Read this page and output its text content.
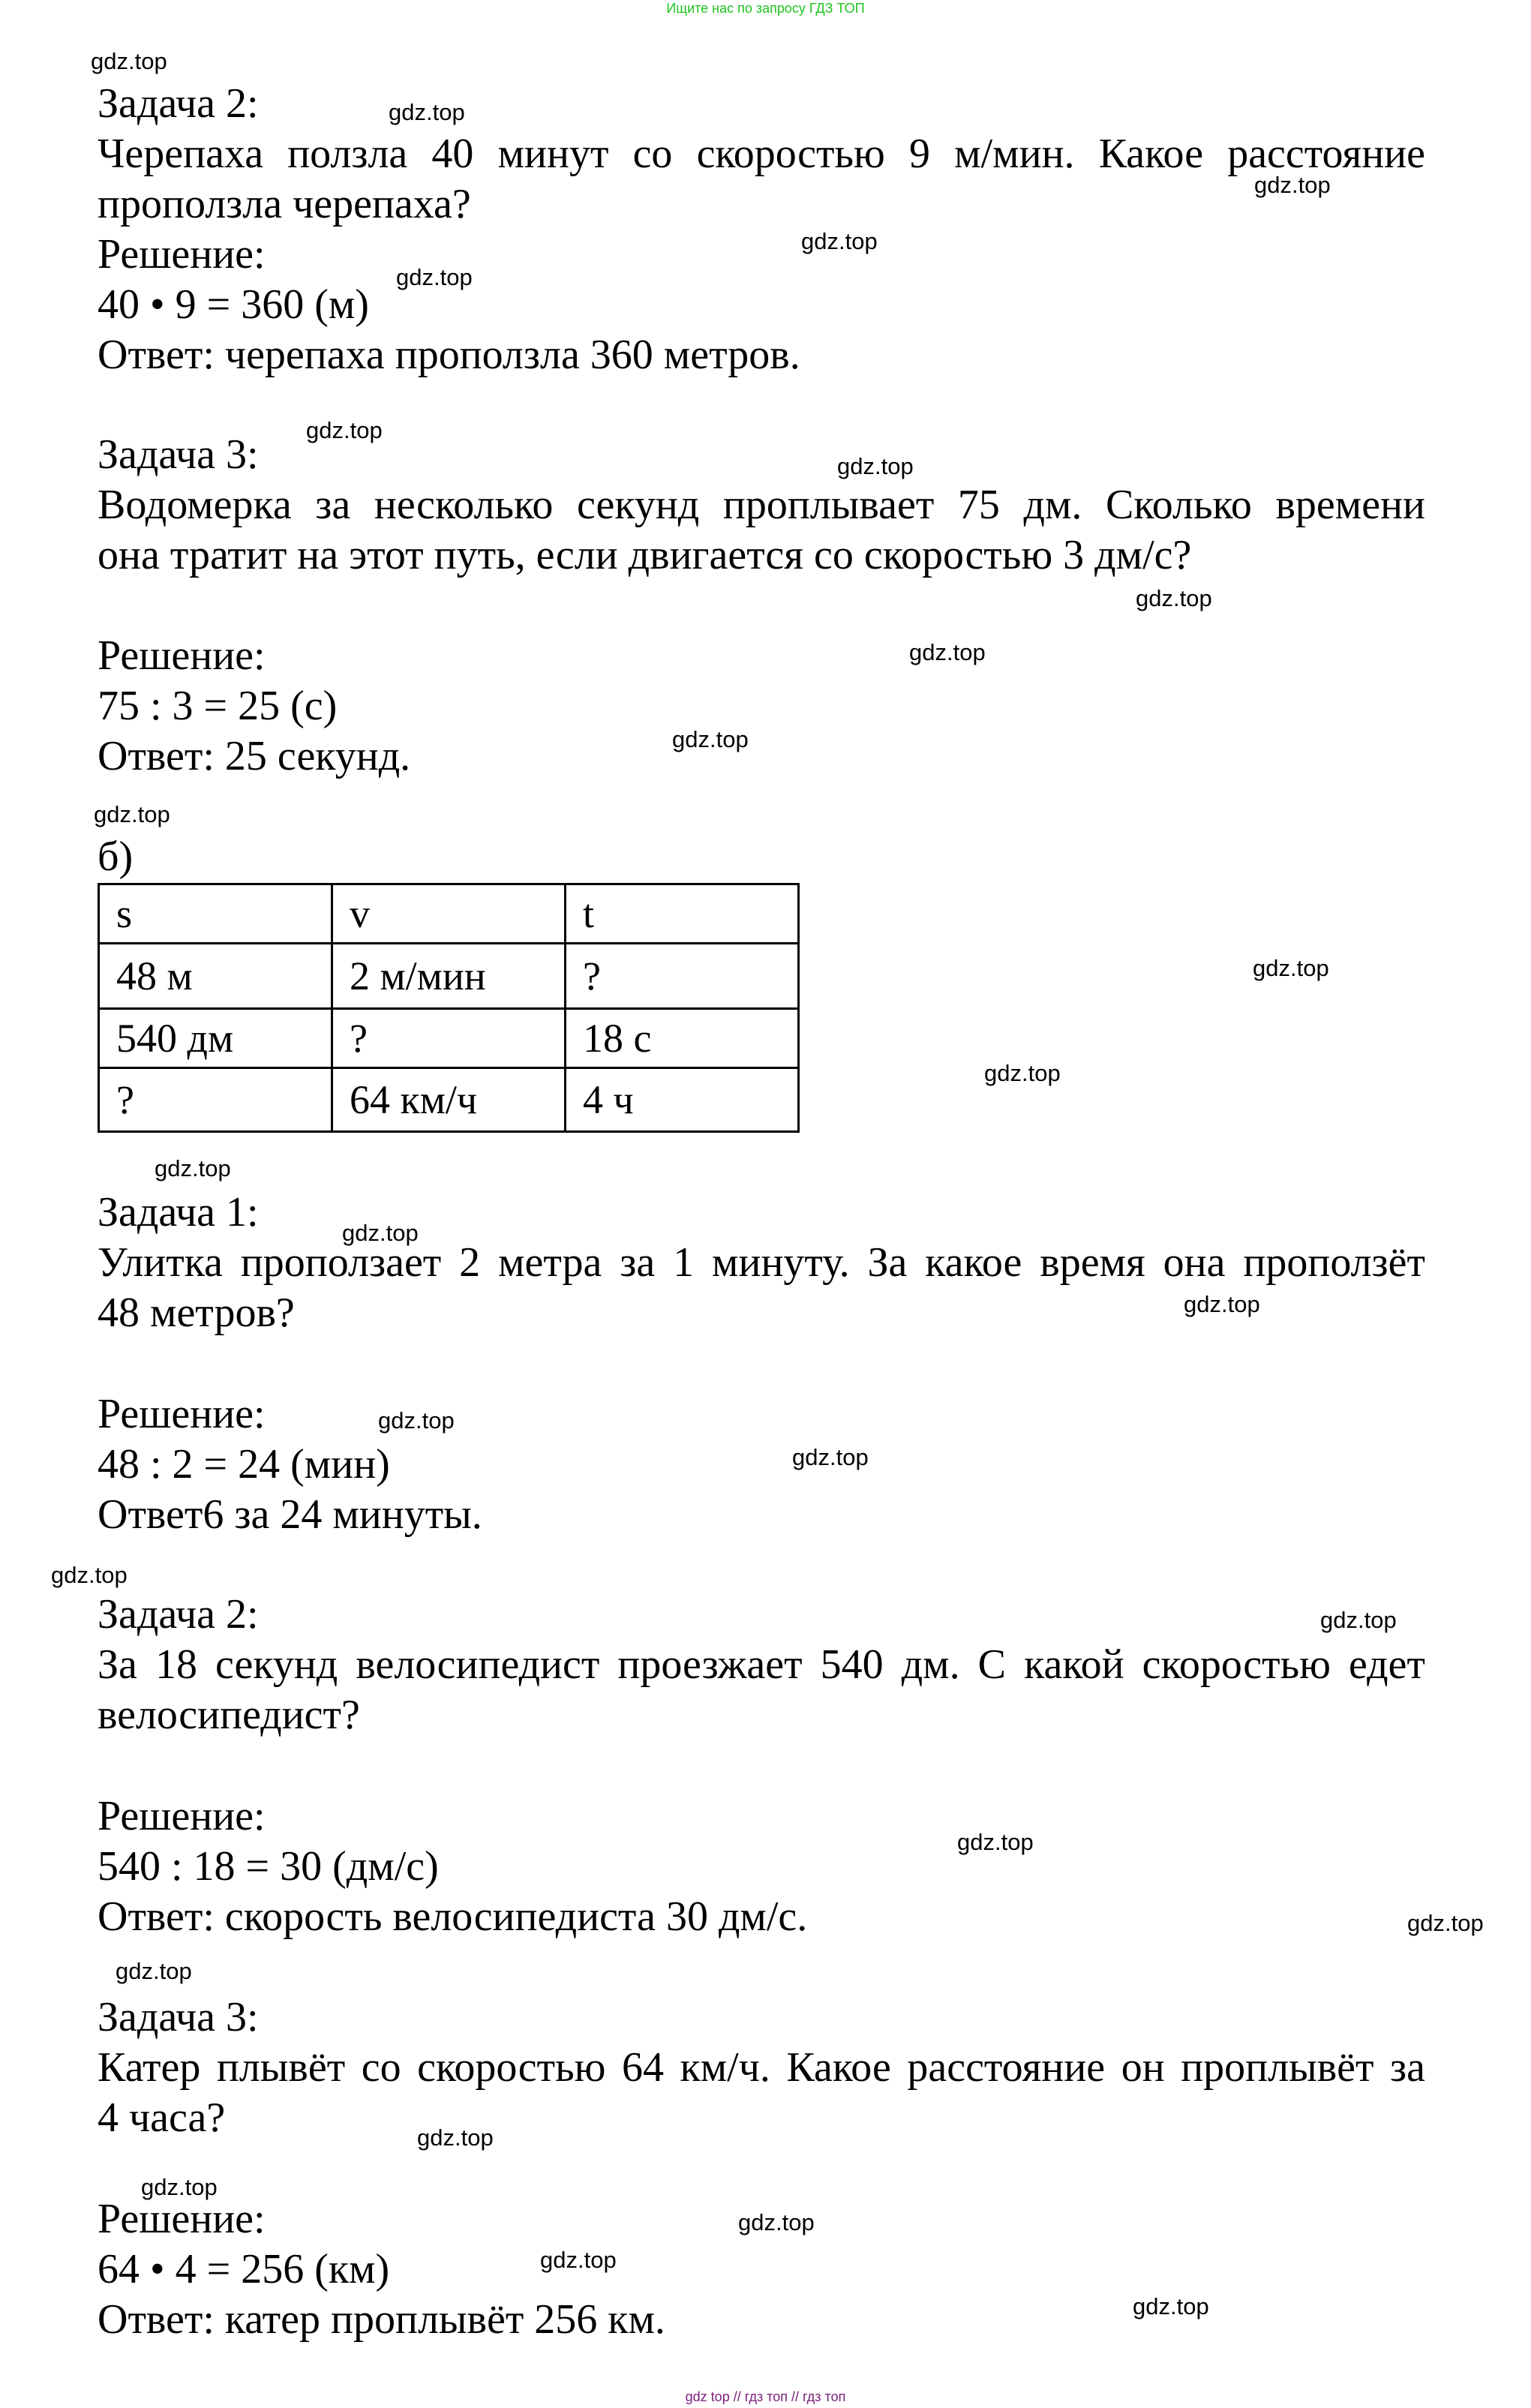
Ищите нас по запросу ГДЗ ТОП
Задача 2:
Черепаха ползла 40 минут со скоростью 9 м/мин. Какое расстояние
проползла черепаха?
Решение:
40 • 9 = 360 (м)
Ответ: черепаха проползла 360 метров.
Задача 3:
Водомерка за несколько секунд проплывает 75 дм. Сколько времени
она тратит на этот путь, если двигается со скоростью 3 дм/с?
Решение:
75 : 3 = 25 (с)
Ответ: 25 секунд.
б)
s	v	t
48 м	2 м/мин	?
540 дм	?	18 с
?	64 км/ч	4 ч
Задача 1:
Улитка проползает 2 метра за 1 минуту. За какое время она проползёт
48 метров?
Решение:
48 : 2 = 24 (мин)
Ответ6 за 24 минуты.
Задача 2:
За 18 секунд велосипедист проезжает 540 дм. С какой скоростью едет
велосипедист?
Решение:
540 : 18 = 30 (дм/с)
Ответ: скорость велосипедиста 30 дм/с.
Задача 3:
Катер плывёт со скоростью 64 км/ч. Какое расстояние он проплывёт за
4 часа?
Решение:
64 • 4 = 256 (км)
Ответ: катер проплывёт 256 км.
gdz.top
gdz.top
gdz.top
gdz.top
gdz.top
gdz.top
gdz.top
gdz.top
gdz.top
gdz.top
gdz.top
gdz.top
gdz.top
gdz.top
gdz.top
gdz.top
gdz.top
gdz.top
gdz.top
gdz.top
gdz.top
gdz.top
gdz.top
gdz.top
gdz.top
gdz.top
gdz.top
gdz.top
gdz top // гдз топ // гдз топ
